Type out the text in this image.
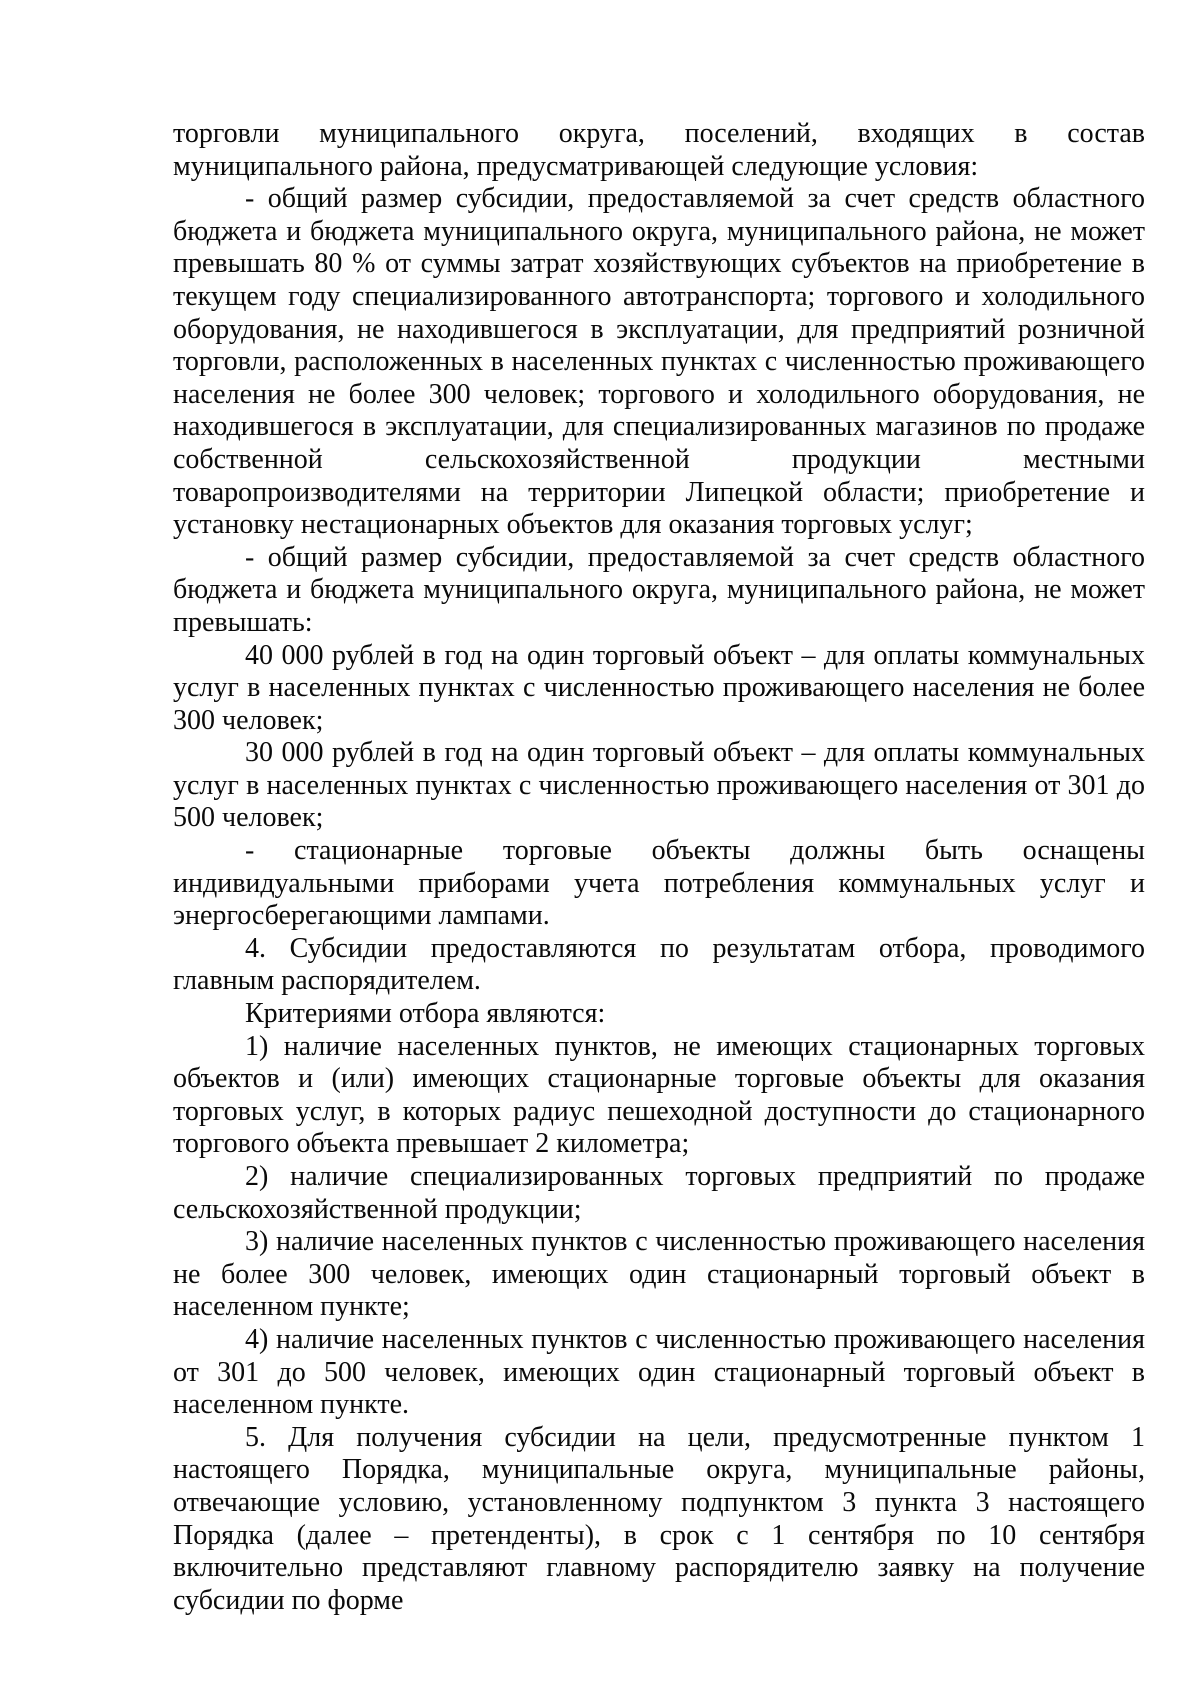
торговли муниципального округа, поселений, входящих в состав муниципального района, предусматривающей следующие условия:

- общий размер субсидии, предоставляемой за счет средств областного бюджета и бюджета муниципального округа, муниципального района, не может превышать 80 % от суммы затрат хозяйствующих субъектов на приобретение в текущем году специализированного автотранспорта; торгового и холодильного оборудования, не находившегося в эксплуатации, для предприятий розничной торговли, расположенных в населенных пунктах с численностью проживающего населения не более 300 человек; торгового и холодильного оборудования, не находившегося в эксплуатации, для специализированных магазинов по продаже собственной сельскохозяйственной продукции местными товаропроизводителями на территории Липецкой области; приобретение и установку нестационарных объектов для оказания торговых услуг;

- общий размер субсидии, предоставляемой за счет средств областного бюджета и бюджета муниципального округа, муниципального района, не может превышать:

40 000 рублей в год на один торговый объект – для оплаты коммунальных услуг в населенных пунктах с численностью проживающего населения не более 300 человек;

30 000 рублей в год на один торговый объект – для оплаты коммунальных услуг в населенных пунктах с численностью проживающего населения от 301 до 500 человек;

- стационарные торговые объекты должны быть оснащены индивидуальными приборами учета потребления коммунальных услуг и энергосберегающими лампами.

4. Субсидии предоставляются по результатам отбора, проводимого главным распорядителем.

Критериями отбора являются:

1) наличие населенных пунктов, не имеющих стационарных торговых объектов и (или) имеющих стационарные торговые объекты для оказания торговых услуг, в которых радиус пешеходной доступности до стационарного торгового объекта превышает 2 километра;

2) наличие специализированных торговых предприятий по продаже сельскохозяйственной продукции;

3) наличие населенных пунктов с численностью проживающего населения не более 300 человек, имеющих один стационарный торговый объект в населенном пункте;

4) наличие населенных пунктов с численностью проживающего населения от 301 до 500 человек, имеющих один стационарный торговый объект в населенном пункте.

5. Для получения субсидии на цели, предусмотренные пунктом 1 настоящего Порядка, муниципальные округа, муниципальные районы, отвечающие условию, установленному подпунктом 3 пункта 3 настоящего Порядка (далее – претенденты), в срок с 1 сентября по 10 сентября включительно представляют главному распорядителю заявку на получение субсидии по форме
